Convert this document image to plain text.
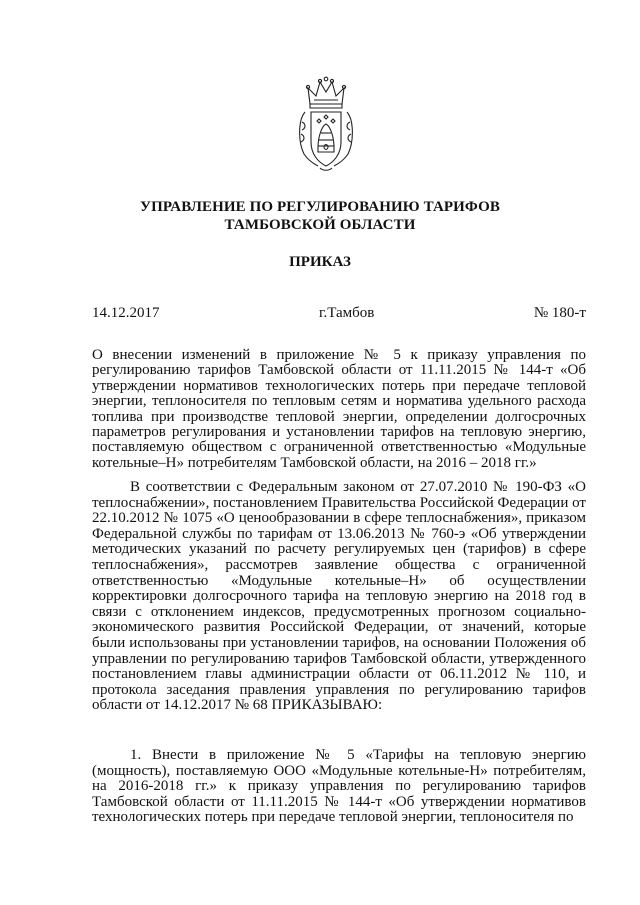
УПРАВЛЕНИЕ ПО РЕГУЛИРОВАНИЮ ТАРИФОВ
ТАМБОВСКОЙ ОБЛАСТИ
ПРИКАЗ
14.12.2017	г.Тамбов	№ 180-т

О внесении изменений в приложение № 5 к приказу управления по регулированию тарифов Тамбовской области от 11.11.2015 № 144-т «Об утверждении нормативов технологических потерь при передаче тепловой энергии, теплоносителя по тепловым сетям и норматива удельного расхода топлива при производстве тепловой энергии, определении долгосрочных параметров регулирования и установлении тарифов на тепловую энергию, поставляемую обществом с ограниченной ответственностью «Модульные котельные–Н» потребителям Тамбовской области, на 2016 – 2018 гг.»

В соответствии с Федеральным законом от 27.07.2010 № 190-ФЗ «О теплоснабжении», постановлением Правительства Российской Федерации от 22.10.2012 № 1075 «О ценообразовании в сфере теплоснабжения», приказом Федеральной службы по тарифам от 13.06.2013 № 760-э «Об утверждении методических указаний по расчету регулируемых цен (тарифов) в сфере теплоснабжения», рассмотрев заявление общества с ограниченной ответственностью «Модульные котельные–Н» об осуществлении корректировки долгосрочного тарифа на тепловую энергию на 2018 год в связи с отклонением индексов, предусмотренных прогнозом социально-экономического развития Российской Федерации, от значений, которые были использованы при установлении тарифов, на основании Положения об управлении по регулированию тарифов Тамбовской области, утвержденного постановлением главы администрации области от 06.11.2012 № 110, и протокола заседания правления управления по регулированию тарифов области от 14.12.2017 № 68 ПРИКАЗЫВАЮ:

1. Внести в приложение № 5 «Тарифы на тепловую энергию (мощность), поставляемую ООО «Модульные котельные-Н» потребителям, на 2016-2018 гг.» к приказу управления по регулированию тарифов Тамбовской области от 11.11.2015 № 144-т «Об утверждении нормативов технологических потерь при передаче тепловой энергии, теплоносителя по
